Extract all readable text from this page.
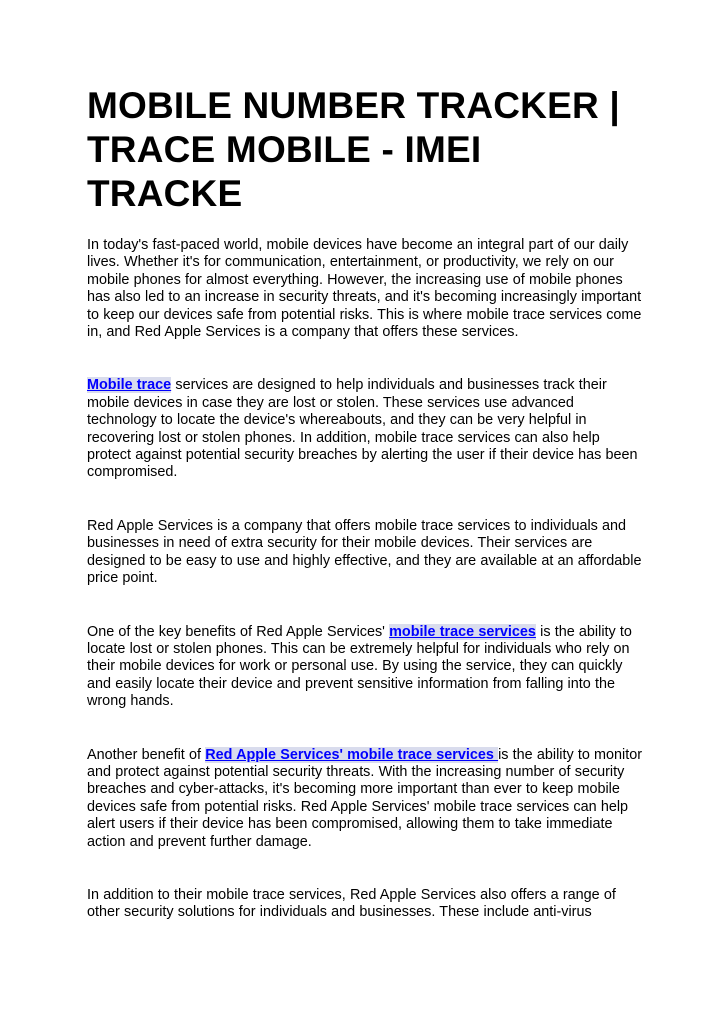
MOBILE NUMBER TRACKER | TRACE MOBILE - IMEI TRACKE

In today's fast-paced world, mobile devices have become an integral part of our daily lives. Whether it's for communication, entertainment, or productivity, we rely on our mobile phones for almost everything. However, the increasing use of mobile phones has also led to an increase in security threats, and it's becoming increasingly important to keep our devices safe from potential risks. This is where mobile trace services come in, and Red Apple Services is a company that offers these services.

Mobile trace services are designed to help individuals and businesses track their mobile devices in case they are lost or stolen. These services use advanced technology to locate the device's whereabouts, and they can be very helpful in recovering lost or stolen phones. In addition, mobile trace services can also help protect against potential security breaches by alerting the user if their device has been compromised.

Red Apple Services is a company that offers mobile trace services to individuals and businesses in need of extra security for their mobile devices. Their services are designed to be easy to use and highly effective, and they are available at an affordable price point.

One of the key benefits of Red Apple Services' mobile trace services is the ability to locate lost or stolen phones. This can be extremely helpful for individuals who rely on their mobile devices for work or personal use. By using the service, they can quickly and easily locate their device and prevent sensitive information from falling into the wrong hands.

Another benefit of Red Apple Services' mobile trace services is the ability to monitor and protect against potential security threats. With the increasing number of security breaches and cyber-attacks, it's becoming more important than ever to keep mobile devices safe from potential risks. Red Apple Services' mobile trace services can help alert users if their device has been compromised, allowing them to take immediate action and prevent further damage.

In addition to their mobile trace services, Red Apple Services also offers a range of other security solutions for individuals and businesses. These include anti-virus
